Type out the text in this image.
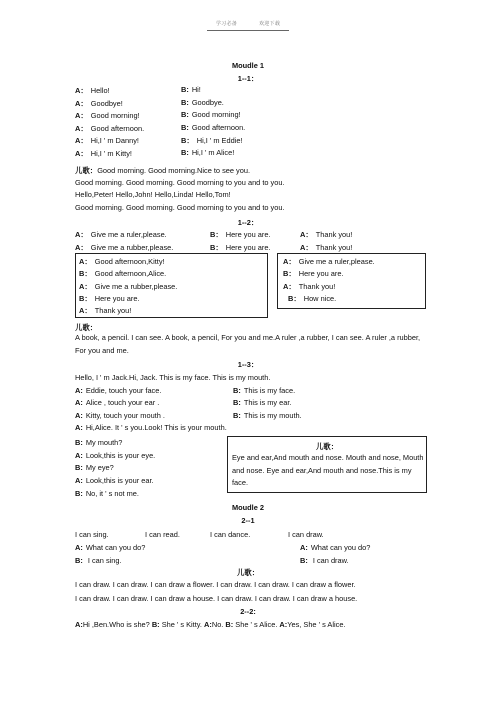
学习必备	欢迎下载
Moudle 1
1--1：
A： Hello!	B: Hi!
A： Goodbye!	B: Goodbye.
A： Good morning!	B: Good morning!
A： Good afternoon.	B: Good afternoon.
A： Hi,I ' m Danny!	B： Hi,I ' m Eddie!
A： Hi,I ' m Kitty!	B: Hi,I ' m Alice!
儿歌：Good morning. Good morning.Nice to see you.
Good morning. Good morning. Good morning to you and to you.
Hello,Peter! Hello,John! Hello,Linda! Hello,Tom!
Good morning. Good morning. Good morning to you and to you.
1--2：
A： Give me a ruler,please.	B： Here you are.	A： Thank you!
A： Give me a rubber,please.	B： Here you are.	A： Thank you!
A： Good afternoon,Kitty!
B： Good afternoon,Alice.
A： Give me a rubber,please.
B： Here you are.
A： Thank you!
A： Give me a ruler,please.
B： Here you are.
A： Thank you!
B： How nice.
儿歌：
A book, a pencil. I can see. A book, a pencil, For you and me.A ruler ,a rubber, I can see. A ruler ,a rubber, For you and me.
1--3：
Hello, I ' m Jack.Hi, Jack. This is my face. This is my mouth.
A: Eddie, touch your face.	B: This is my face.
A: Alice , touch your ear .	B: This is my ear.
A: Kitty, touch your mouth .	B: This is my mouth.
A: Hi,Alice. It ' s you.Look! This is your mouth.
B: My mouth?
A: Look,this is your eye.
B: My eye?
A: Look,this is your ear.
B: No, it ' s not me.
儿歌：
Eye and ear,And mouth and nose. Mouth and nose, Mouth and nose. Eye and ear,And mouth and nose.This is my face.
Moudle 2
2--1
I can sing.	I can read.	I can dance.	I can draw.
A: What can you do?	A: What can you do?
B: I can sing.	B: I can draw.
儿歌：
I can draw. I can draw. I can draw a flower. I can draw. I can draw. I can draw a flower.
I can draw. I can draw. I can draw a house. I can draw. I can draw. I can draw a house.
2--2:
A:Hi ,Ben.Who is she? B: She ' s Kitty. A:No. B: She ' s Alice. A:Yes, She ' s Alice.
